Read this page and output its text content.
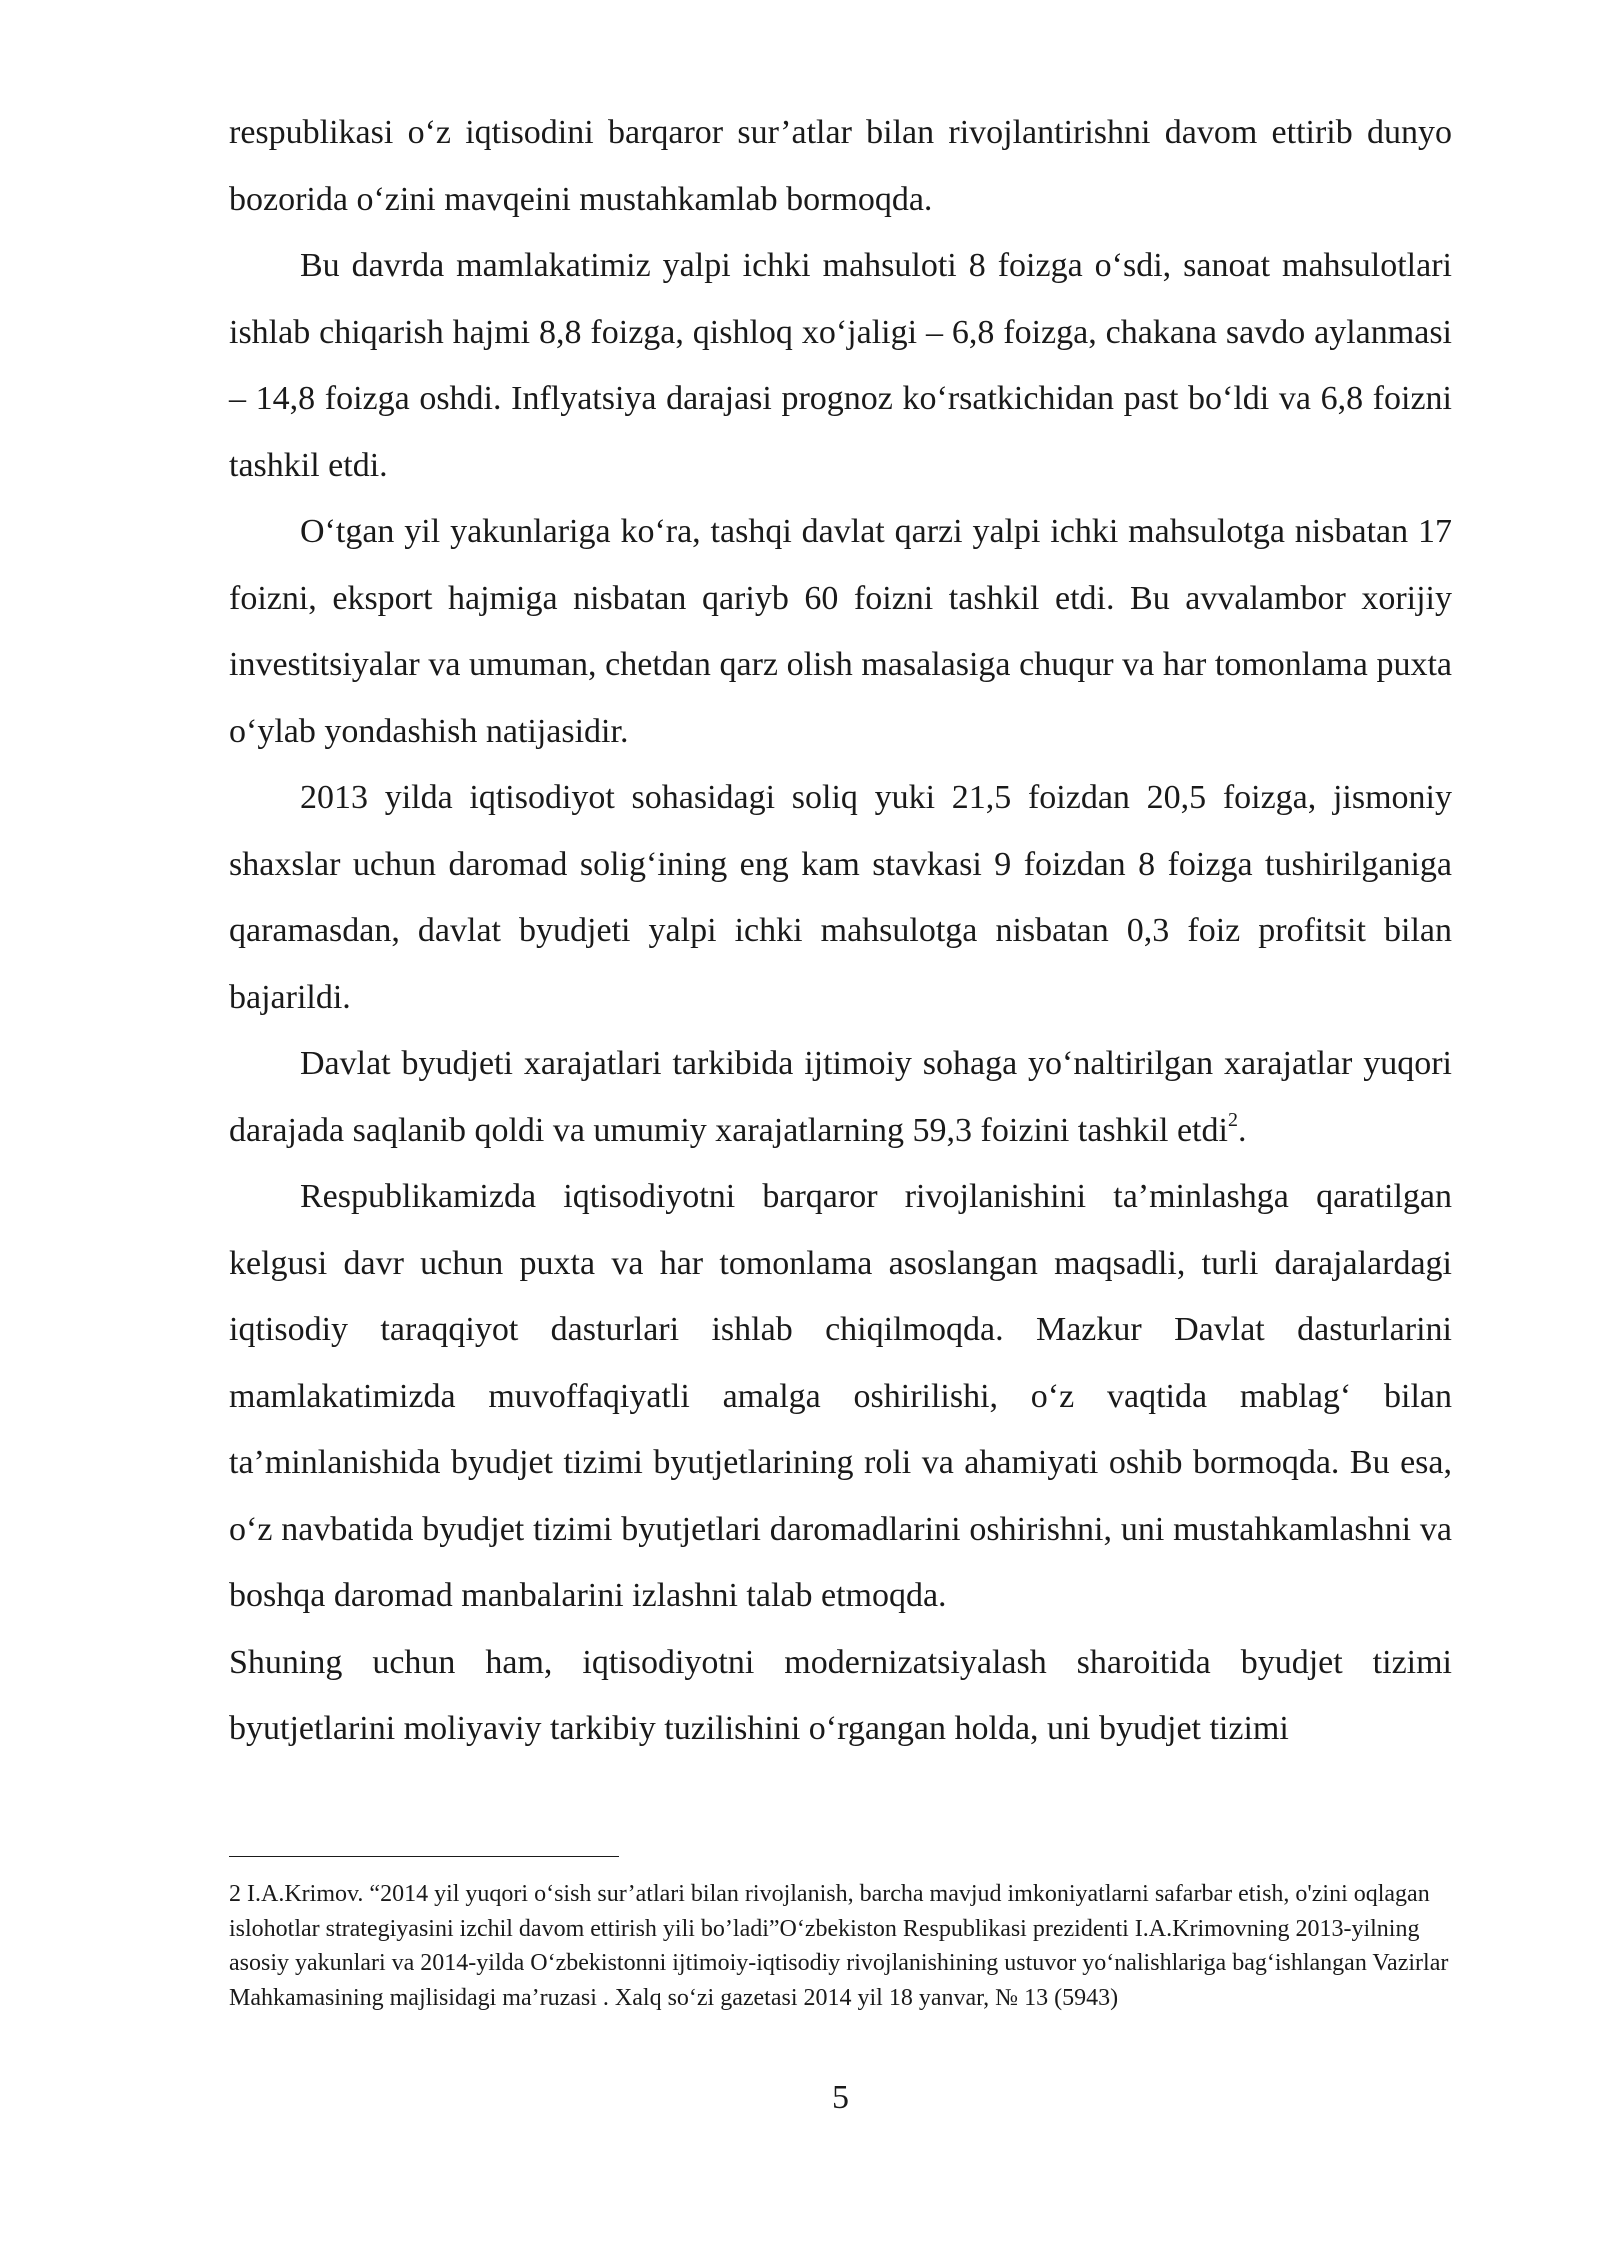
respublikasi o‘z iqtisodini barqaror sur’atlar bilan rivojlantirishni davom ettirib dunyo bozorida o‘zini mavqeini mustahkamlab bormoqda.

Bu davrda mamlakatimiz yalpi ichki mahsuloti 8 foizga o‘sdi, sanoat mahsulotlari ishlab chiqarish hajmi 8,8 foizga, qishloq xo‘jaligi – 6,8 foizga, chakana savdo aylanmasi – 14,8 foizga oshdi. Inflyatsiya darajasi prognoz ko‘rsatkichidan past bo‘ldi va 6,8 foizni tashkil etdi.

O‘tgan yil yakunlariga ko‘ra, tashqi davlat qarzi yalpi ichki mahsulotga nisbatan 17 foizni, eksport hajmiga nisbatan qariyb 60 foizni tashkil etdi. Bu avvalambor xorijiy investitsiyalar va umuman, chetdan qarz olish masalasiga chuqur va har tomonlama puxta o‘ylab yondashish natijasidir.

2013 yilda iqtisodiyot sohasidagi soliq yuki 21,5 foizdan 20,5 foizga, jismoniy shaxslar uchun daromad solig‘ining eng kam stavkasi 9 foizdan 8 foizga tushirilganiga qaramasdan, davlat byudjeti yalpi ichki mahsulotga nisbatan 0,3 foiz profitsit bilan bajarildi.

Davlat byudjeti xarajatlari tarkibida ijtimoiy sohaga yo‘naltirilgan xarajatlar yuqori darajada saqlanib qoldi va umumiy xarajatlarning 59,3 foizini tashkil etdi$^2$.

Respublikamizda iqtisodiyotni barqaror rivojlanishini ta’minlashga qaratilgan kelgusi davr uchun puxta va har tomonlama asoslangan maqsadli, turli darajalardagi iqtisodiy taraqqiyot dasturlari ishlab chiqilmoqda. Mazkur Davlat dasturlarini mamlakatimizda muvoffaqiyatli amalga oshirilishi, o‘z vaqtida mablag‘ bilan ta’minlanishida byudjet tizimi byutjetlarining roli va ahamiyati oshib bormoqda. Bu esa, o‘z navbatida byudjet tizimi byutjetlari daromadlarini oshirishni, uni mustahkamlashni va boshqa daromad manbalarini izlashni talab etmoqda.

Shuning uchun ham, iqtisodiyotni modernizatsiyalash sharoitida byudjet tizimi byutjetlarini moliyaviy tarkibiy tuzilishini o‘rgangan holda, uni byudjet tizimi

2 I.A.Krimov. “2014 yil yuqori o‘sish sur’atlari bilan rivojlanish, barcha mavjud imkoniyatlarni safarbar etish, o'zini oqlagan islohotlar strategiyasini izchil davom ettirish yili bo’ladi”O‘zbekiston Respublikasi prezidenti I.A.Krimovning 2013-yilning asosiy yakunlari va 2014-yilda O‘zbekistonni ijtimoiy-iqtisodiy rivojlanishining ustuvor yo‘nalishlariga bag‘ishlangan Vazirlar Mahkamasining majlisidagi ma’ruzasi . Xalq so‘zi gazetasi 2014 yil 18 yanvar, № 13 (5943)

5
